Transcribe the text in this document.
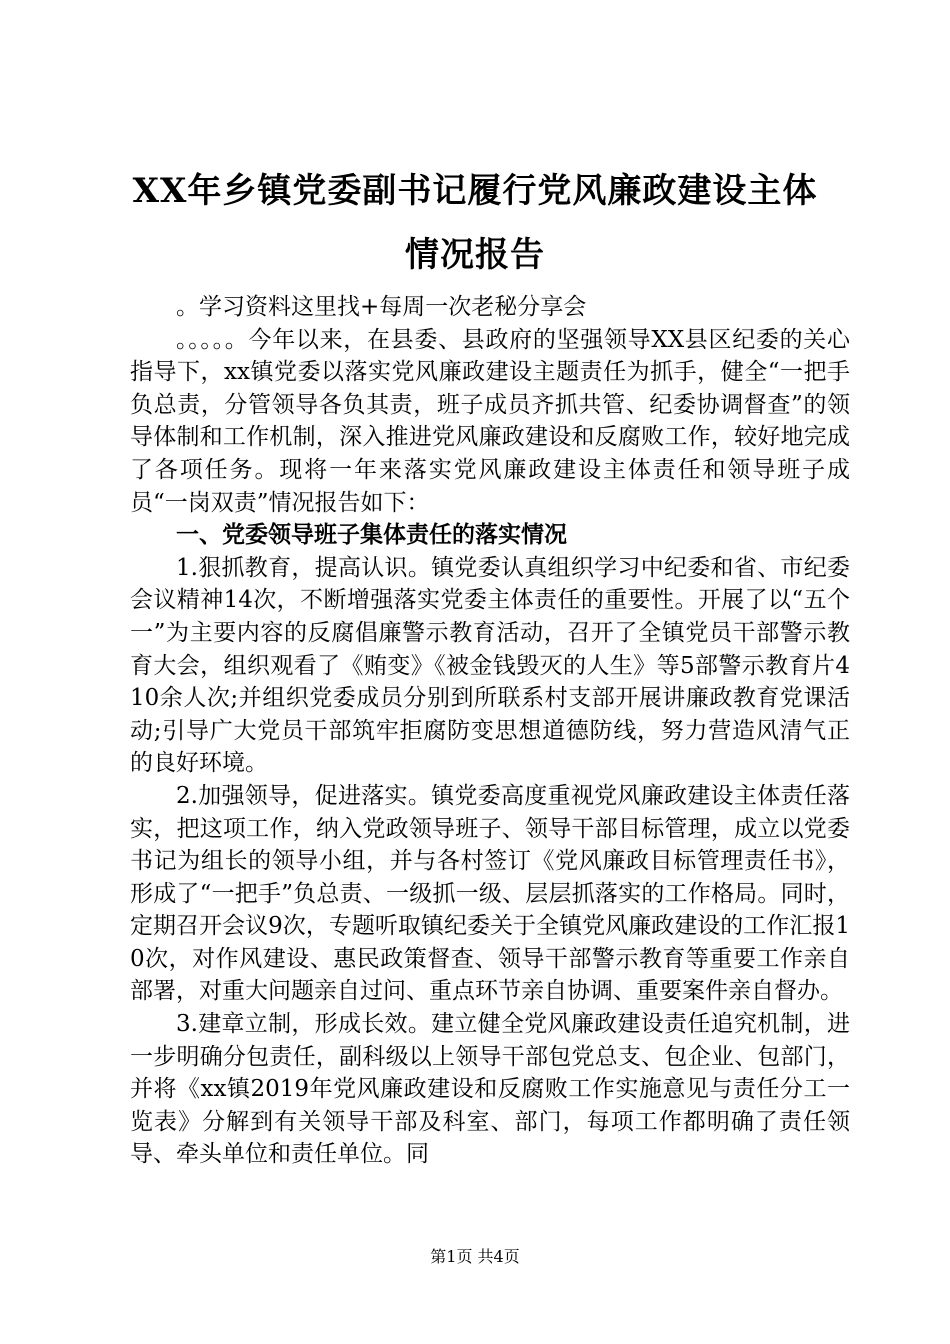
XX年乡镇党委副书记履行党风廉政建设主体
情况报告

。学习资料这里找+每周一次老秘分享会

。。。。。今年以来，在县委、县政府的坚强领导XX县区纪委的关心指导下，xx镇党委以落实党风廉政建设主题责任为抓手，健全“一把手负总责，分管领导各负其责，班子成员齐抓共管、纪委协调督查”的领导体制和工作机制，深入推进党风廉政建设和反腐败工作，较好地完成了各项任务。现将一年来落实党风廉政建设主体责任和领导班子成员“一岗双责”情况报告如下：

一、党委领导班子集体责任的落实情况

1.狠抓教育，提高认识。镇党委认真组织学习中纪委和省、市纪委会议精神14次，不断增强落实党委主体责任的重要性。开展了以“五个一”为主要内容的反腐倡廉警示教育活动，召开了全镇党员干部警示教育大会，组织观看了《贿变》《被金钱毁灭的人生》等5部警示教育片410余人次;并组织党委成员分别到所联系村支部开展讲廉政教育党课活动;引导广大党员干部筑牢拒腐防变思想道德防线，努力营造风清气正的良好环境。

2.加强领导，促进落实。镇党委高度重视党风廉政建设主体责任落实，把这项工作，纳入党政领导班子、领导干部目标管理，成立以党委书记为组长的领导小组，并与各村签订《党风廉政目标管理责任书》，形成了“一把手”负总责、一级抓一级、层层抓落实的工作格局。同时，定期召开会议9次，专题听取镇纪委关于全镇党风廉政建设的工作汇报10次，对作风建设、惠民政策督查、领导干部警示教育等重要工作亲自部署，对重大问题亲自过问、重点环节亲自协调、重要案件亲自督办。

3.建章立制，形成长效。建立健全党风廉政建设责任追究机制，进一步明确分包责任，副科级以上领导干部包党总支、包企业、包部门，并将《xx镇2019年党风廉政建设和反腐败工作实施意见与责任分工一览表》分解到有关领导干部及科室、部门，每项工作都明确了责任领导、牵头单位和责任单位。同

第1页 共4页
